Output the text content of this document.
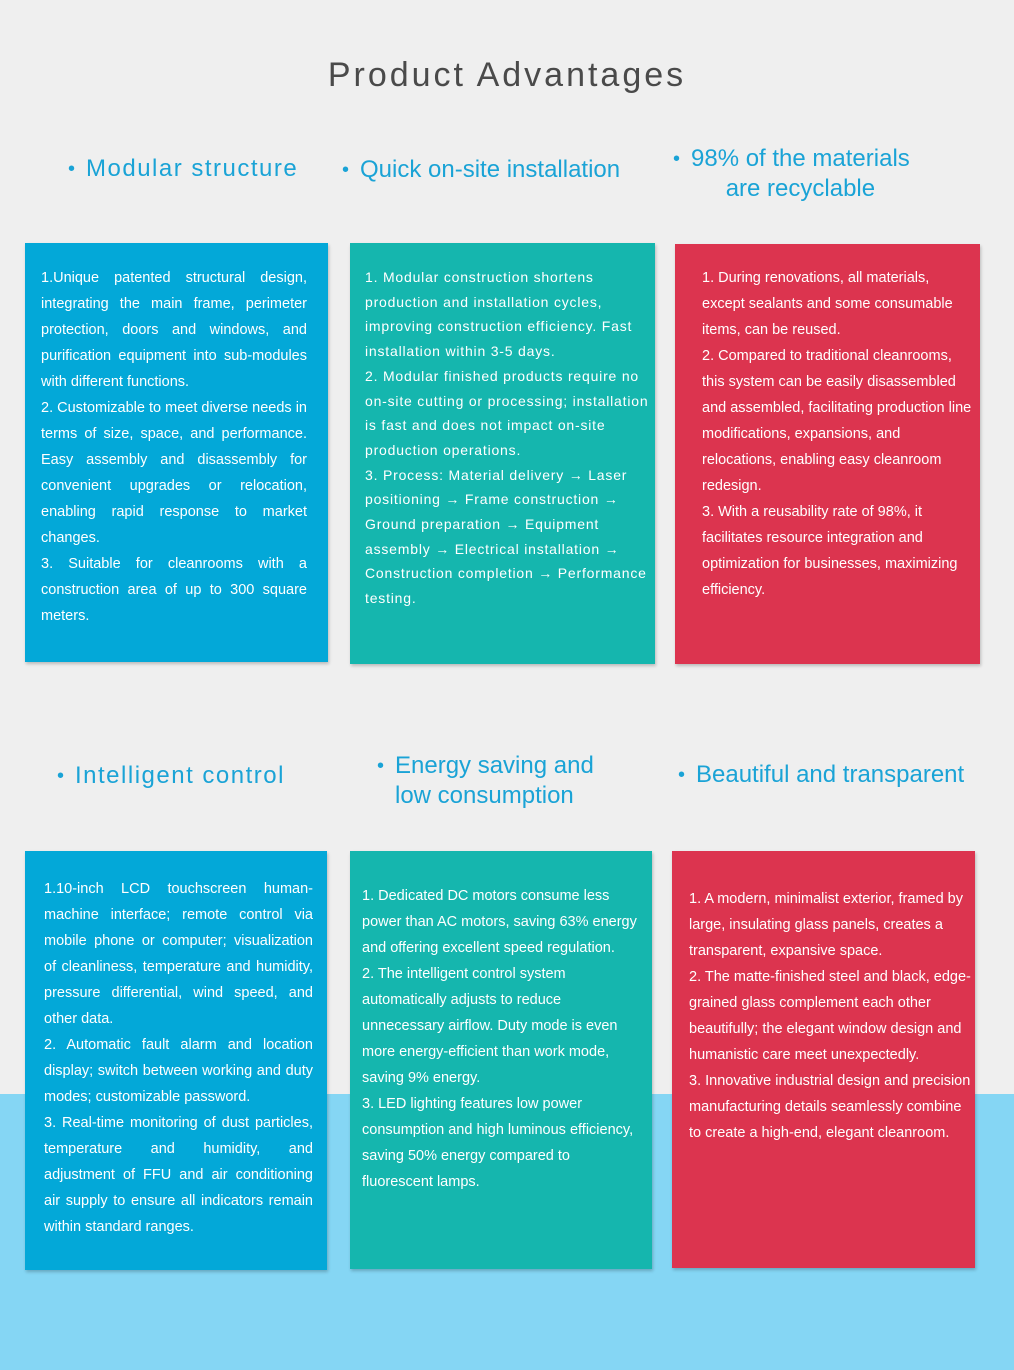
Product Advantages
• Modular structure • Quick on-site installation	• 98% of the materials
are recyclable

1.Unique patented structural design, integrating the main frame, perimeter protection, doors and windows, and purification equipment into sub-modules with different functions.

2. Customizable to meet diverse needs in terms of size, space, and performance. Easy assembly and disassembly for convenient upgrades or relocation, enabling rapid response to market changes.

3. Suitable for cleanrooms with a construction area of up to 300 square meters.

1. Modular construction shortens production and installation cycles, improving construction efficiency. Fast installation within 3-5 days.

2. Modular finished products require no on-site cutting or processing; installation is fast and does not impact on-site production operations.

3. Process: Material delivery → Laser positioning → Frame construction → Ground preparation → Equipment assembly → Electrical installation → Construction completion → Performance testing.

1. During renovations, all materials, except sealants and some consumable items, can be reused.

2. Compared to traditional cleanrooms, this system can be easily disassembled and assembled, facilitating production line modifications, expansions, and relocations, enabling easy cleanroom redesign.

3. With a reusability rate of 98%, it facilitates resource integration and optimization for businesses, maximizing efficiency.

• Intelligent control	• Energy saving and
low consumption
• Beautiful and transparent

1.10-inch LCD touchscreen human-machine interface; remote control via mobile phone or computer; visualization of cleanliness, temperature and humidity, pressure differential, wind speed, and other data.

2. Automatic fault alarm and location display; switch between working and duty modes; customizable password.

3. Real-time monitoring of dust particles, temperature and humidity, and adjustment of FFU and air conditioning air supply to ensure all indicators remain within standard ranges.

1. Dedicated DC motors consume less power than AC motors, saving 63% energy and offering excellent speed regulation.

2. The intelligent control system automatically adjusts to reduce unnecessary airflow. Duty mode is even more energy-efficient than work mode, saving 9% energy.

3. LED lighting features low power consumption and high luminous efficiency, saving 50% energy compared to fluorescent lamps.

1. A modern, minimalist exterior, framed by large, insulating glass panels, creates a transparent, expansive space.

2. The matte-finished steel and black, edge-grained glass complement each other beautifully; the elegant window design and humanistic care meet unexpectedly.

3. Innovative industrial design and precision manufacturing details seamlessly combine to create a high-end, elegant cleanroom.
